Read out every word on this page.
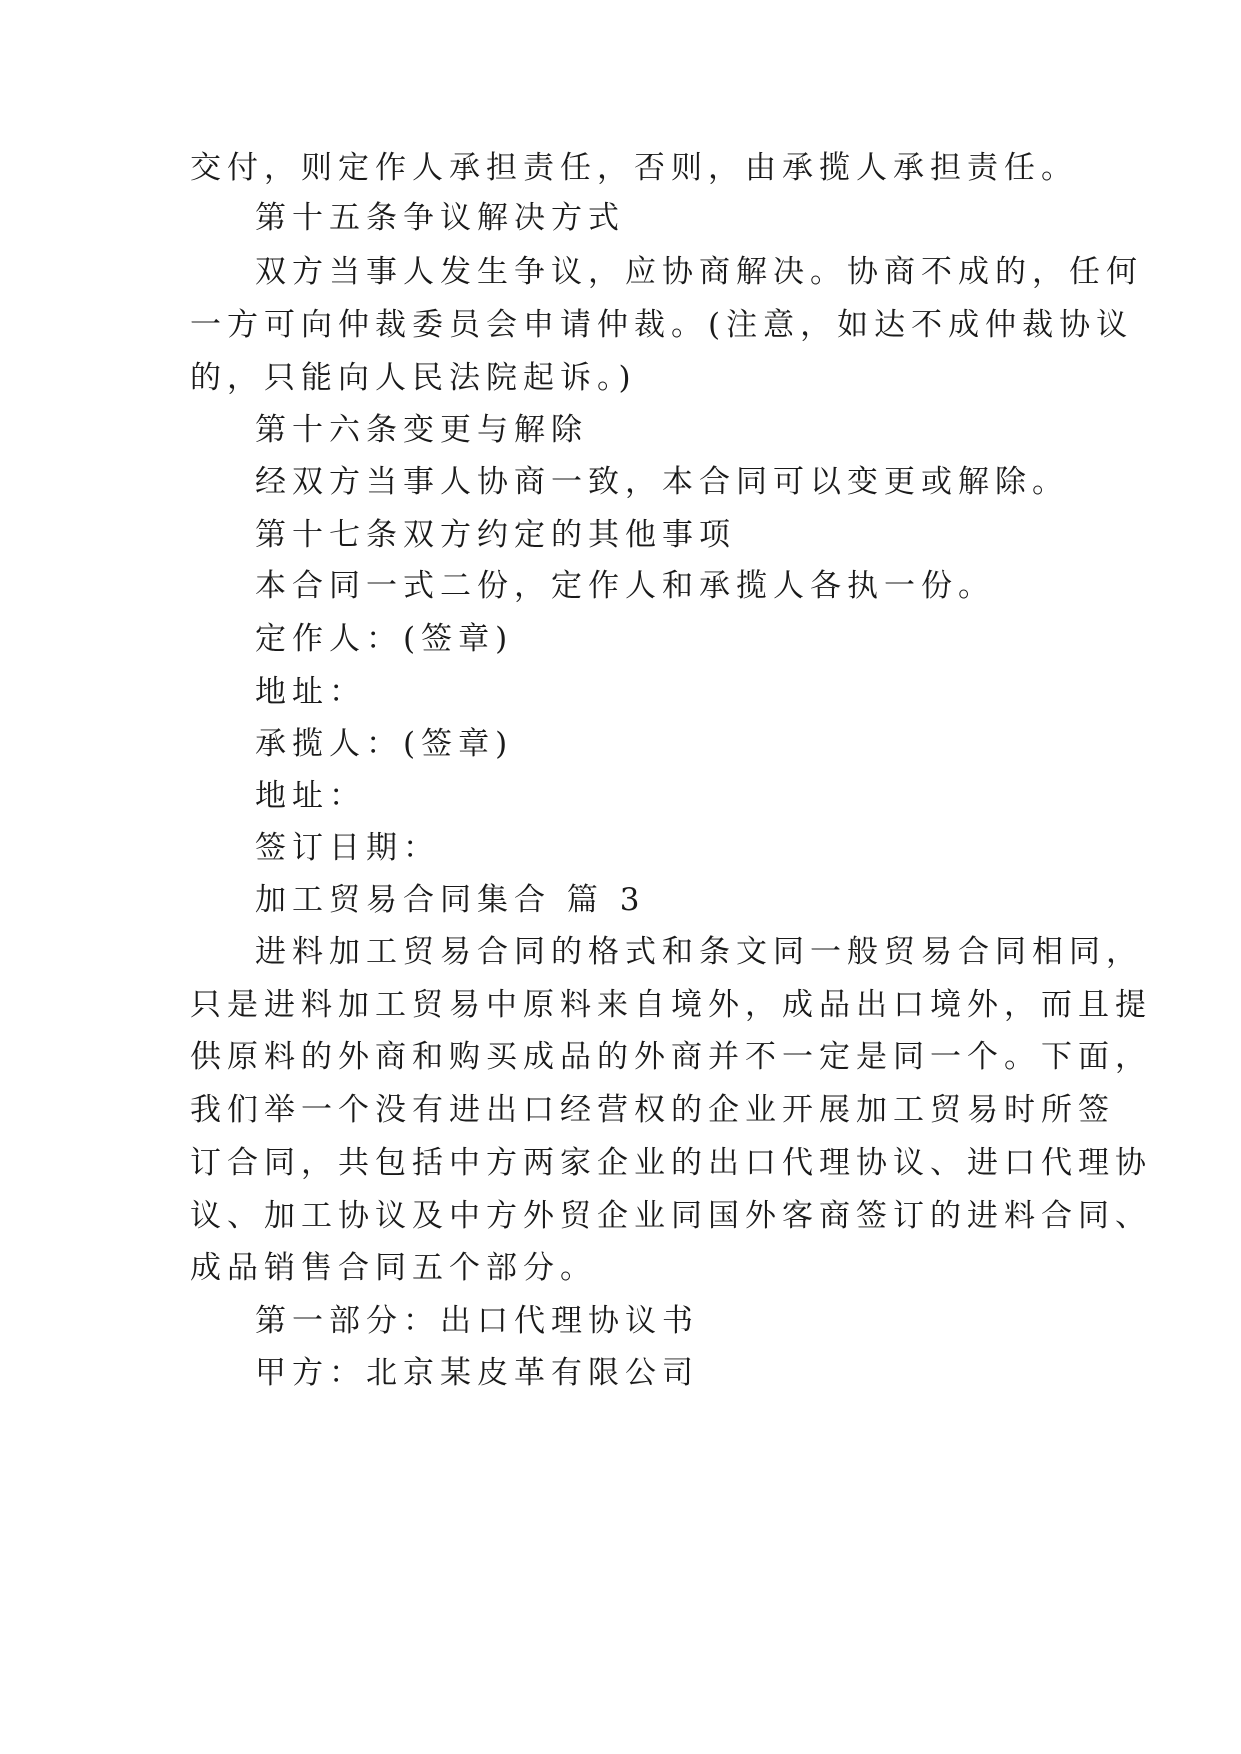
交付，则定作人承担责任，否则，由承揽人承担责任。
第十五条争议解决方式
双方当事人发生争议，应协商解决。协商不成的，任何
一方可向仲裁委员会申请仲裁。(注意，如达不成仲裁协议
的，只能向人民法院起诉。)
第十六条变更与解除
经双方当事人协商一致，本合同可以变更或解除。
第十七条双方约定的其他事项
本合同一式二份，定作人和承揽人各执一份。
定作人：(签章)
地址：
承揽人：(签章)
地址：
签订日期：
加工贸易合同集合 篇 3
进料加工贸易合同的格式和条文同一般贸易合同相同，
只是进料加工贸易中原料来自境外，成品出口境外，而且提
供原料的外商和购买成品的外商并不一定是同一个。下面，
我们举一个没有进出口经营权的企业开展加工贸易时所签
订合同，共包括中方两家企业的出口代理协议、进口代理协
议、加工协议及中方外贸企业同国外客商签订的进料合同、
成品销售合同五个部分。
第一部分：出口代理协议书
甲方：北京某皮革有限公司
